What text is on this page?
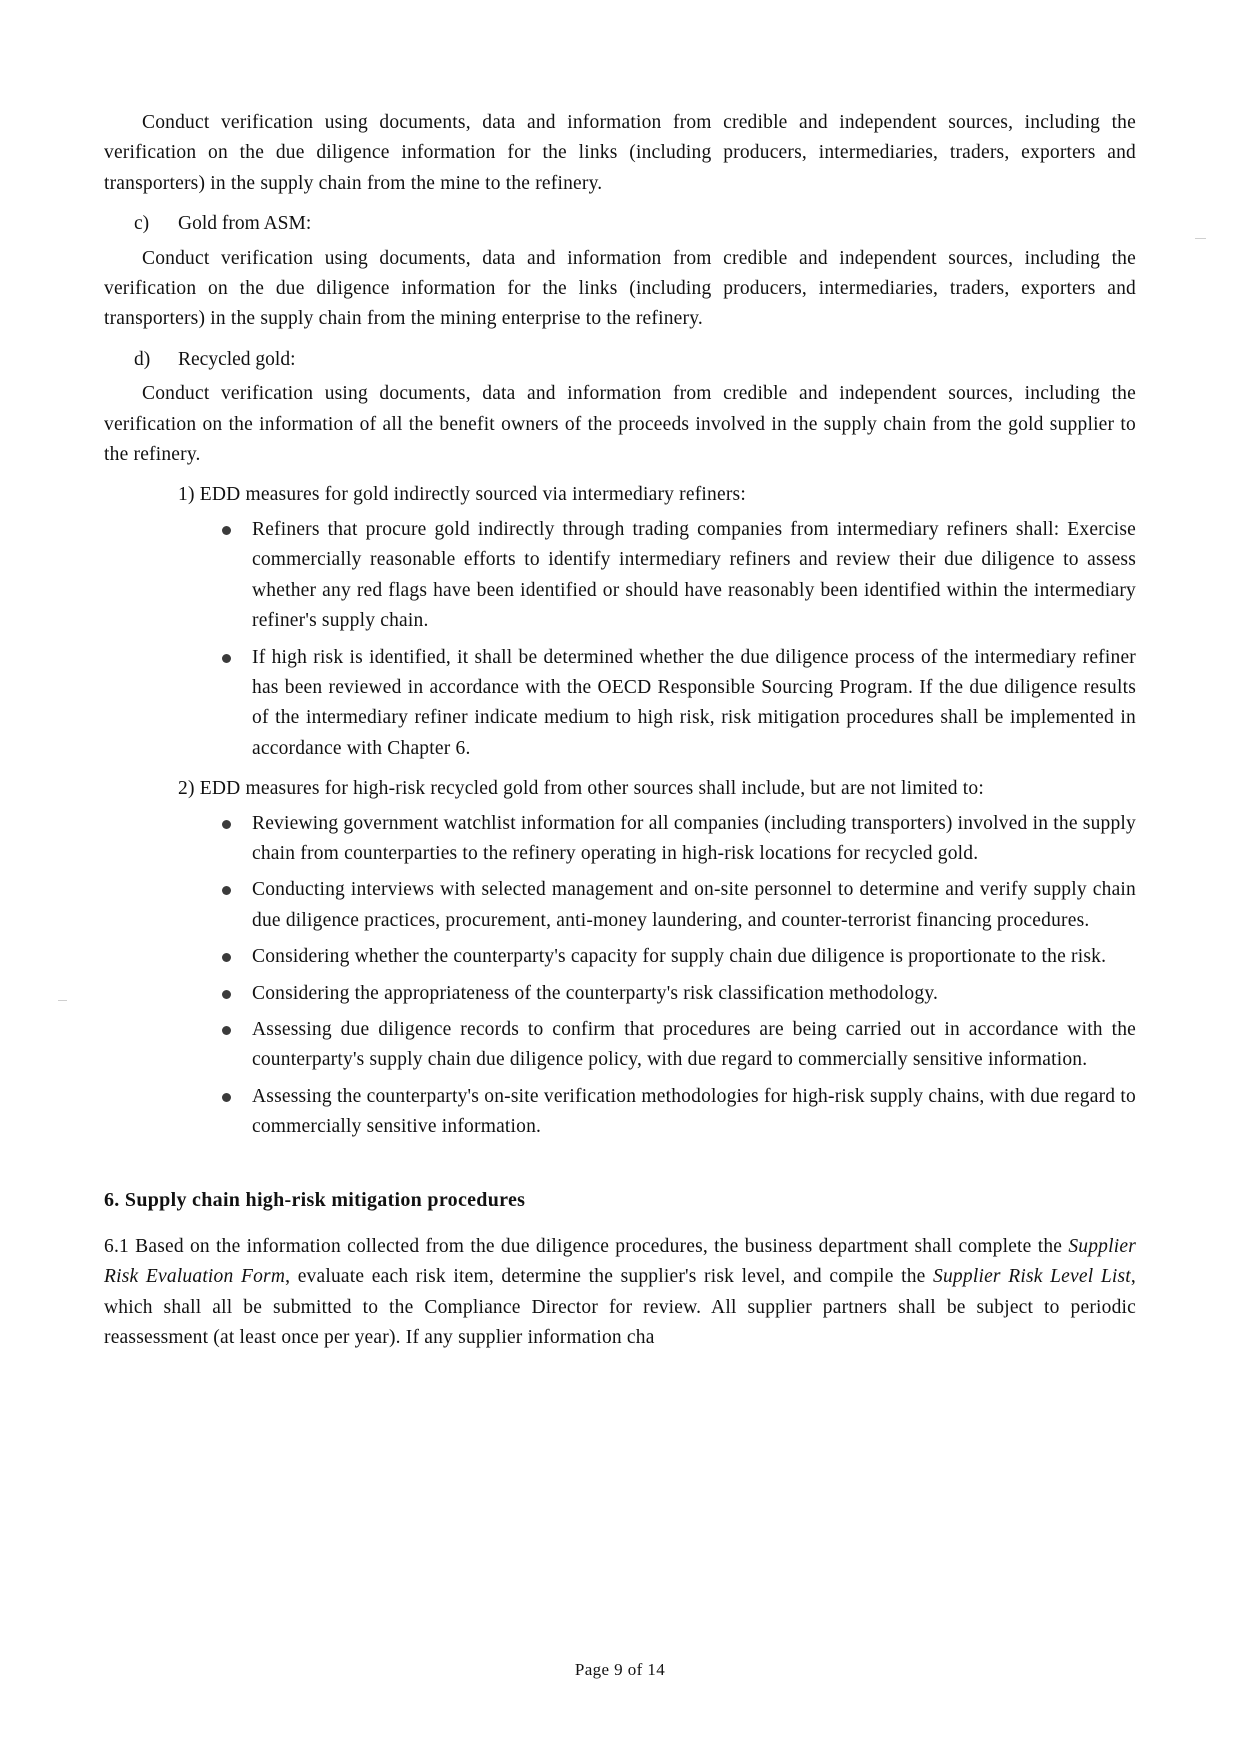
Conduct verification using documents, data and information from credible and independent sources, including the verification on the due diligence information for the links (including producers, intermediaries, traders, exporters and transporters) in the supply chain from the mine to the refinery.

c)	Gold from ASM:

Conduct verification using documents, data and information from credible and independent sources, including the verification on the due diligence information for the links (including producers, intermediaries, traders, exporters and transporters) in the supply chain from the mining enterprise to the refinery.

d)	Recycled gold:

Conduct verification using documents, data and information from credible and independent sources, including the verification on the information of all the benefit owners of the proceeds involved in the supply chain from the gold supplier to the refinery.

1) EDD measures for gold indirectly sourced via intermediary refiners:

Refiners that procure gold indirectly through trading companies from intermediary refiners shall: Exercise commercially reasonable efforts to identify intermediary refiners and review their due diligence to assess whether any red flags have been identified or should have reasonably been identified within the intermediary refiner's supply chain.
If high risk is identified, it shall be determined whether the due diligence process of the intermediary refiner has been reviewed in accordance with the OECD Responsible Sourcing Program. If the due diligence results of the intermediary refiner indicate medium to high risk, risk mitigation procedures shall be implemented in accordance with Chapter 6.

2) EDD measures for high-risk recycled gold from other sources shall include, but are not limited to:

Reviewing government watchlist information for all companies (including transporters) involved in the supply chain from counterparties to the refinery operating in high-risk locations for recycled gold.
Conducting interviews with selected management and on-site personnel to determine and verify supply chain due diligence practices, procurement, anti-money laundering, and counter-terrorist financing procedures.
Considering whether the counterparty's capacity for supply chain due diligence is proportionate to the risk.
Considering the appropriateness of the counterparty's risk classification methodology.
Assessing due diligence records to confirm that procedures are being carried out in accordance with the counterparty's supply chain due diligence policy, with due regard to commercially sensitive information.
Assessing the counterparty's on-site verification methodologies for high-risk supply chains, with due regard to commercially sensitive information.
6. Supply chain high-risk mitigation procedures

6.1 Based on the information collected from the due diligence procedures, the business department shall complete the Supplier Risk Evaluation Form, evaluate each risk item, determine the supplier's risk level, and compile the Supplier Risk Level List, which shall all be submitted to the Compliance Director for review. All supplier partners shall be subject to periodic reassessment (at least once per year). If any supplier information cha

Page 9 of 14
